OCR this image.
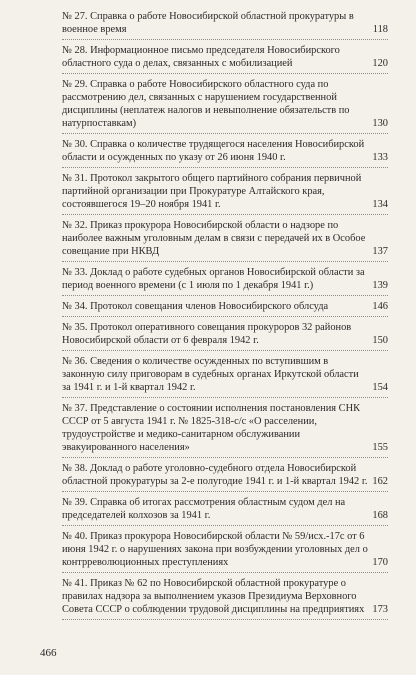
№ 27. Справка о работе Новосибирской областной прокуратуры в военное время	118
№ 28. Информационное письмо председателя Новосибирского областного суда о делах, связанных с мобилизацией	120
№ 29. Справка о работе Новосибирского областного суда по рассмотрению дел, связанных с нарушением государственной дисциплины (неплатеж налогов и невыполнение обязательств по натурпоставкам)	130
№ 30. Справка о количестве трудящегося населения Новосибирской области и осужденных по указу от 26 июня 1940 г.	133
№ 31. Протокол закрытого общего партийного собрания первичной партийной организации при Прокуратуре Алтайского края, состоявшегося 19–20 ноября 1941 г.	134
№ 32. Приказ прокурора Новосибирской области о надзоре по наиболее важным уголовным делам в связи с передачей их в Особое совещание при НКВД	137
№ 33. Доклад о работе судебных органов Новосибирской области за период военного времени (с 1 июля по 1 декабря 1941 г.)	139
№ 34. Протокол совещания членов Новосибирского облсуда	146
№ 35. Протокол оперативного совещания прокуроров 32 районов Новосибирской области от 6 февраля 1942 г.	150
№ 36. Сведения о количестве осужденных по вступившим в законную силу приговорам в судебных органах Иркутской области за 1941 г. и 1-й квартал 1942 г.	154
№ 37. Представление о состоянии исполнения постановления СНК СССР от 5 августа 1941 г. № 1825-318-с/с «О расселении, трудоустройстве и медико-санитарном обслуживании эвакуированного населения»	155
№ 38. Доклад о работе уголовно-судебного отдела Новосибирской областной прокуратуры за 2-е полугодие 1941 г. и 1-й квартал 1942 г. 162
№ 39. Справка об итогах рассмотрения областным судом дел на председателей колхозов за 1941 г.	168
№ 40. Приказ прокурора Новосибирской области № 59/исх.-17с от 6 июня 1942 г. о нарушениях закона при возбуждении уголовных дел о контрреволюционных преступлениях	170
№ 41. Приказ № 62 по Новосибирской областной прокуратуре о правилах надзора за выполнением указов Президиума Верховного Совета СССР о соблюдении трудовой дисциплины на предприятиях 173
466
